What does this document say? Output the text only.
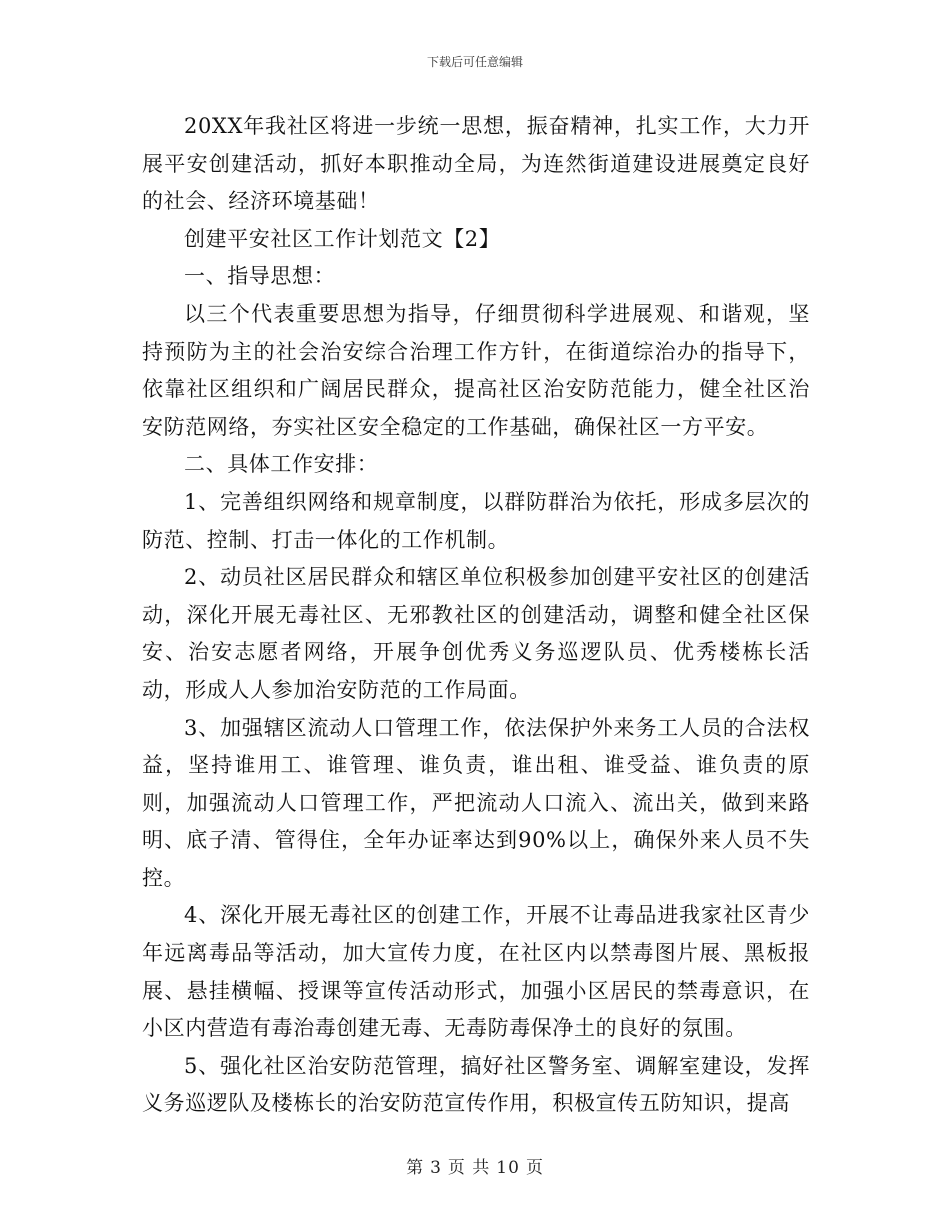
下载后可任意编辑

20XX年我社区将进一步统一思想，振奋精神，扎实工作，大力开展平安创建活动，抓好本职推动全局，为连然街道建设进展奠定良好的社会、经济环境基础！

创建平安社区工作计划范文【2】

一、指导思想：

以三个代表重要思想为指导，仔细贯彻科学进展观、和谐观，坚持预防为主的社会治安综合治理工作方针，在街道综治办的指导下，依靠社区组织和广阔居民群众，提高社区治安防范能力，健全社区治安防范网络，夯实社区安全稳定的工作基础，确保社区一方平安。

二、具体工作安排：

1、完善组织网络和规章制度，以群防群治为依托，形成多层次的防范、控制、打击一体化的工作机制。

2、动员社区居民群众和辖区单位积极参加创建平安社区的创建活动，深化开展无毒社区、无邪教社区的创建活动，调整和健全社区保安、治安志愿者网络，开展争创优秀义务巡逻队员、优秀楼栋长活动，形成人人参加治安防范的工作局面。

3、加强辖区流动人口管理工作，依法保护外来务工人员的合法权益，坚持谁用工、谁管理、谁负责，谁出租、谁受益、谁负责的原则，加强流动人口管理工作，严把流动人口流入、流出关，做到来路明、底子清、管得住，全年办证率达到90%以上，确保外来人员不失控。

4、深化开展无毒社区的创建工作，开展不让毒品进我家社区青少年远离毒品等活动，加大宣传力度，在社区内以禁毒图片展、黑板报展、悬挂横幅、授课等宣传活动形式，加强小区居民的禁毒意识，在小区内营造有毒治毒创建无毒、无毒防毒保净土的良好的氛围。

5、强化社区治安防范管理，搞好社区警务室、调解室建设，发挥义务巡逻队及楼栋长的治安防范宣传作用，积极宣传五防知识，提高

第 3 页 共 10 页
